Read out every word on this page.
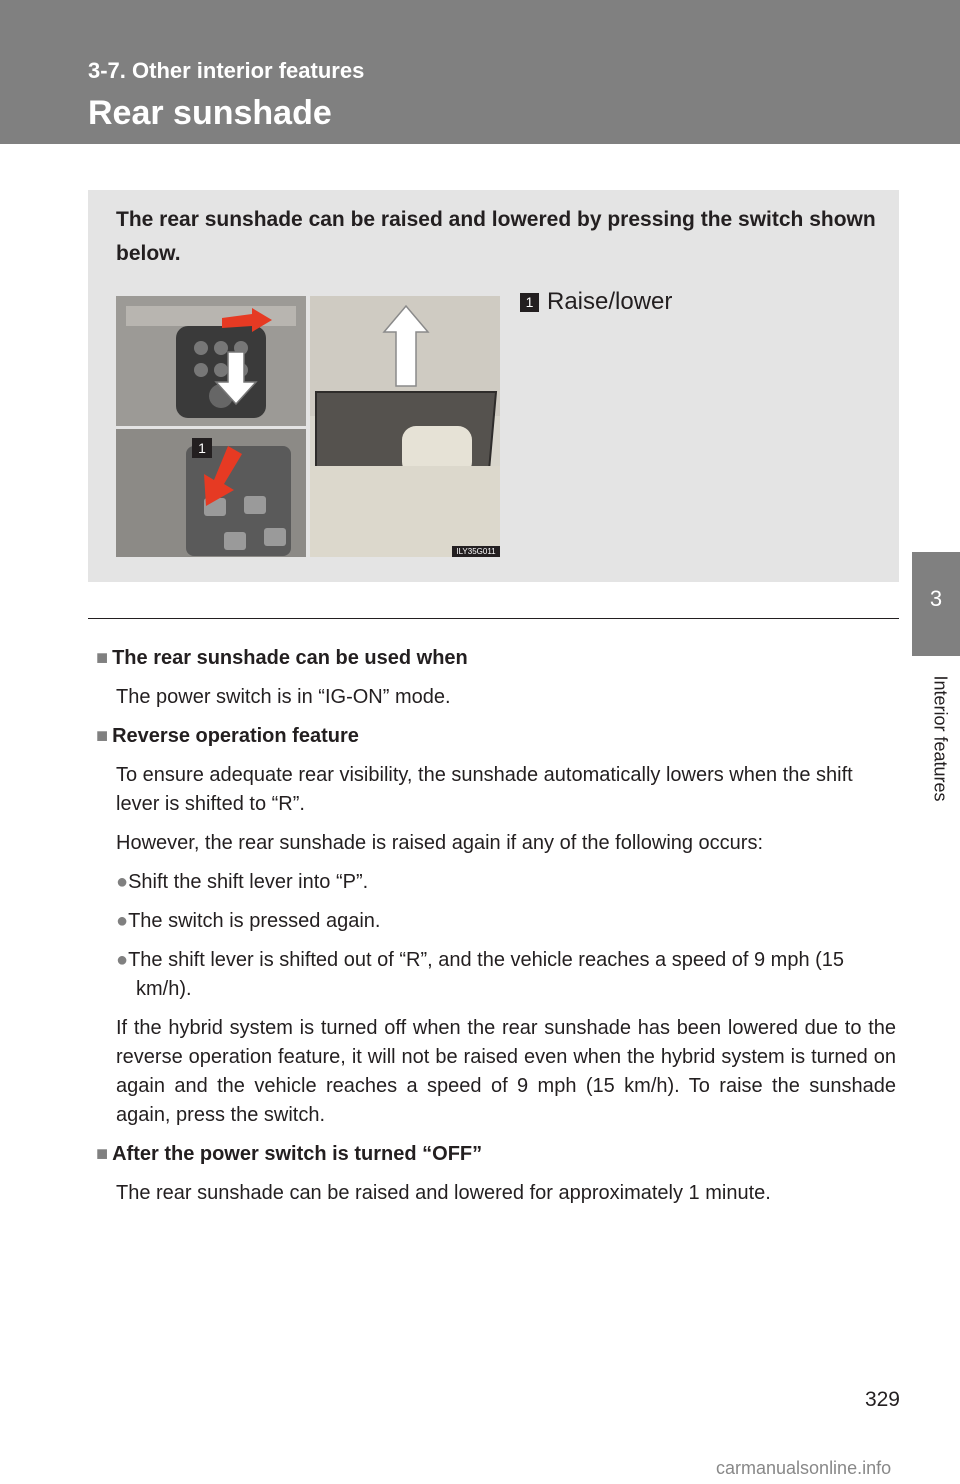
3-7. Other interior features
Rear sunshade
3
Interior features
The rear sunshade can be raised and lowered by pressing the switch shown below.
1
ILY35G011
1 Raise/lower

■ The rear sunshade can be used when

The power switch is in “IG-ON” mode.

■ Reverse operation feature

To ensure adequate rear visibility, the sunshade automatically lowers when the shift lever is shifted to “R”.

However, the rear sunshade is raised again if any of the following occurs:

●Shift the shift lever into “P”.

●The switch is pressed again.

●The shift lever is shifted out of “R”, and the vehicle reaches a speed of 9 mph (15 km/h).

If the hybrid system is turned off when the rear sunshade has been lowered due to the reverse operation feature, it will not be raised even when the hybrid system is turned on again and the vehicle reaches a speed of 9 mph (15 km/h). To raise the sunshade again, press the switch.

■ After the power switch is turned “OFF”

The rear sunshade can be raised and lowered for approximately 1 minute.

329
carmanualsonline.info
